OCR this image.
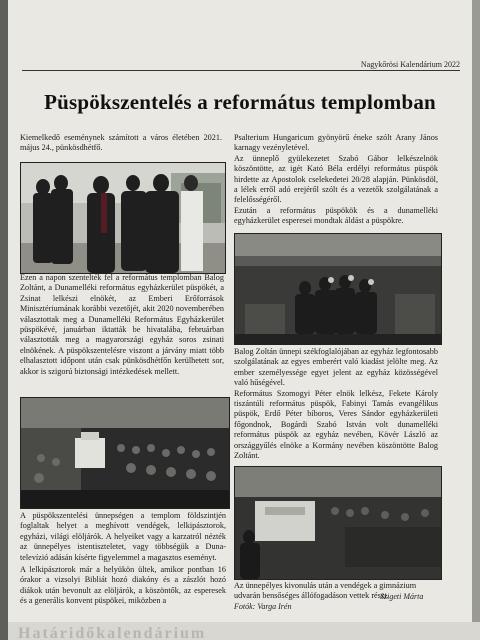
Nagykőrösi Kalendárium 2022
Püspökszentelés a református templomban

Kiemelkedő eseménynek számított a város életében 2021. május 24., pünkösdhétfő.

Ezen a napon szentelték fel a református templomban Balog Zoltánt, a Dunamelléki református egyházkerület püspökét, a Zsinat lelkészi elnökét, az Emberi Erőforrások Minisztériumának korábbi vezetőjét, akit 2020 novemberében választottak meg a Dunamelléki Református Egyházkerület püspökévé, januárban iktatták be hivatalába, februárban választották meg a magyarországi egyház soros zsinati elnökének. A püspökszentelésre viszont a járvány miatt több elhalasztott időpont után csak pünkösdhétfőn kerülhetett sor, akkor is szigorú biztonsági intézkedések mellett.

A püspökszentelési ünnepségen a templom földszintjén foglaltak helyet a meghívott vendégek, lelkipásztorok, egyházi, világi elöljárók. A helyeiket vagy a karzatról nézték az ünnepélyes istentiszteletet, vagy többségük a Duna-televízió adásán kísérte figyelemmel a magasztos eseményt.

A lelkipásztorok már a helyükön ültek, amikor pontban 16 órakor a vizsolyi Bibliát hozó diakóny és a zászlót hozó diákok után bevonult az elöljárók, a köszöntők, az esperesek és a generális konvent püspökei, miközben a

Psalterium Hungaricum gyönyörű éneke szólt Arany János karnagy vezényletével.

Az ünneplő gyülekezetet Szabó Gábor lelkészelnök köszöntötte, az igét Kató Béla erdélyi református püspök hirdette az Apostolok cselekedetei 20/28 alapján. Pünkösdöl, a lélek erről adó erejéről szólt és a vezetők szolgálatának a felelősségéről.

Ezután a református püspökök és a dunamelléki egyházkerület esperesei mondtak áldást a püspökre.

Balog Zoltán ünnepi székfoglalójában az egyház legfontosabb szolgálatának az egyes emberért való kiadást jelölte meg. Az ember személyessége egyet jelent az egyház közösségével való hűségével.

Református Szomogyi Péter elnök lelkész, Fekete Károly tiszántúli református püspök, Fabinyi Tamás evangélikus püspök, Erdő Péter bíboros, Veres Sándor egyházkerületi főgondnok, Bogárdi Szabó István volt dunamelléki református püspök az egyház nevében, Kövér László az országgyűlés elnöke a Kormány nevében köszöntötte Balog Zoltánt.

Az ünnepélyes kivonulás után a vendégek a gimnázium udvarán bensőséges állófogadáson vettek részt.
Fotók: Varga Irén
Szigeti Márta
Határidőkalendárium
